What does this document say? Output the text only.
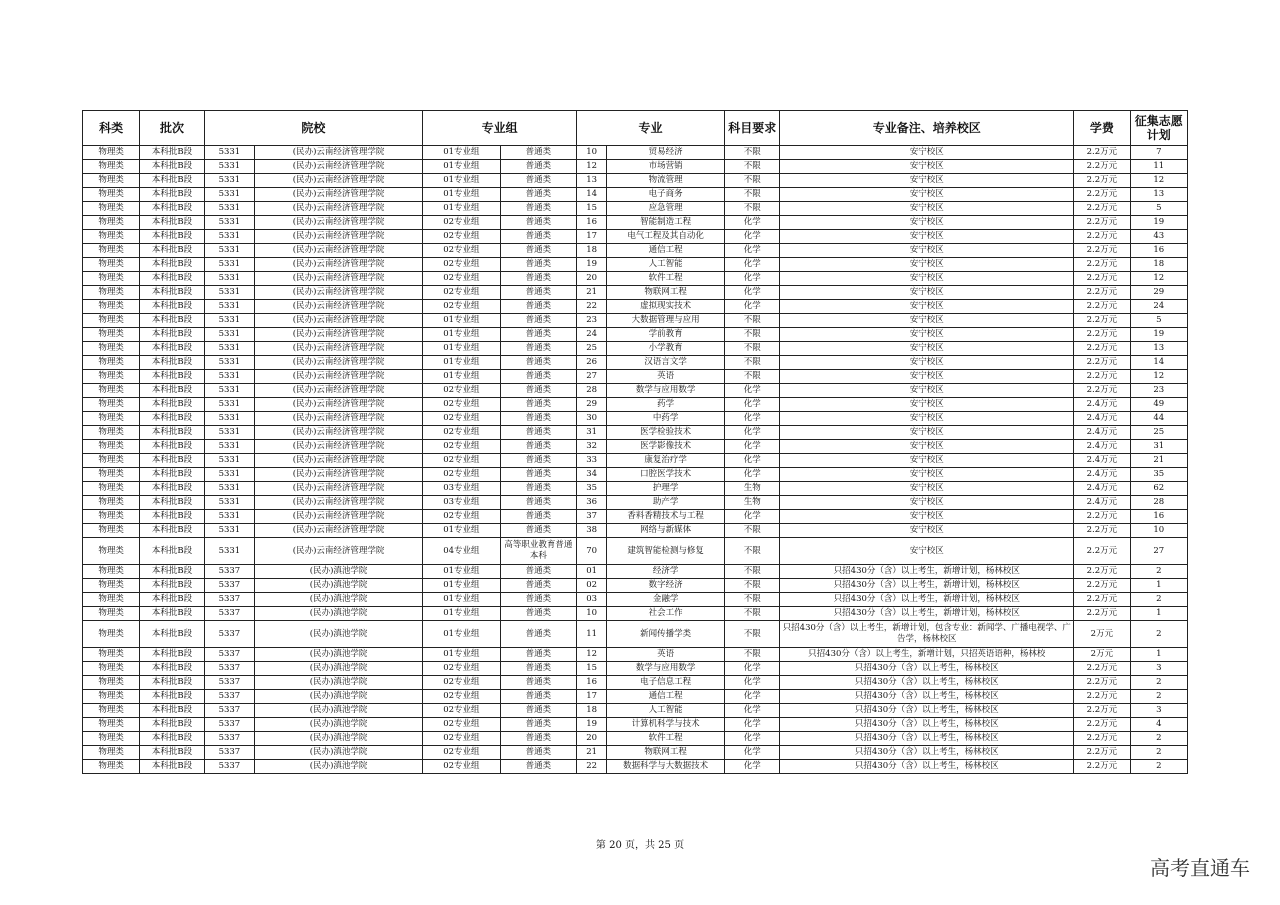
科类	批次	院校		专业组		专业		科目要求	专业备注、培养校区	学费	征集志愿计划
物理类	本科批B段	5331	(民办)云南经济管理学院	01专业组	普通类	10	贸易经济	不限	安宁校区	2.2万元	7
物理类	本科批B段	5331	(民办)云南经济管理学院	01专业组	普通类	12	市场营销	不限	安宁校区	2.2万元	11
物理类	本科批B段	5331	(民办)云南经济管理学院	01专业组	普通类	13	物流管理	不限	安宁校区	2.2万元	12
物理类	本科批B段	5331	(民办)云南经济管理学院	01专业组	普通类	14	电子商务	不限	安宁校区	2.2万元	13
物理类	本科批B段	5331	(民办)云南经济管理学院	01专业组	普通类	15	应急管理	不限	安宁校区	2.2万元	5
物理类	本科批B段	5331	(民办)云南经济管理学院	02专业组	普通类	16	智能制造工程	化学	安宁校区	2.2万元	19
物理类	本科批B段	5331	(民办)云南经济管理学院	02专业组	普通类	17	电气工程及其自动化	化学	安宁校区	2.2万元	43
物理类	本科批B段	5331	(民办)云南经济管理学院	02专业组	普通类	18	通信工程	化学	安宁校区	2.2万元	16
物理类	本科批B段	5331	(民办)云南经济管理学院	02专业组	普通类	19	人工智能	化学	安宁校区	2.2万元	18
物理类	本科批B段	5331	(民办)云南经济管理学院	02专业组	普通类	20	软件工程	化学	安宁校区	2.2万元	12
物理类	本科批B段	5331	(民办)云南经济管理学院	02专业组	普通类	21	物联网工程	化学	安宁校区	2.2万元	29
物理类	本科批B段	5331	(民办)云南经济管理学院	02专业组	普通类	22	虚拟现实技术	化学	安宁校区	2.2万元	24
物理类	本科批B段	5331	(民办)云南经济管理学院	01专业组	普通类	23	大数据管理与应用	不限	安宁校区	2.2万元	5
物理类	本科批B段	5331	(民办)云南经济管理学院	01专业组	普通类	24	学前教育	不限	安宁校区	2.2万元	19
物理类	本科批B段	5331	(民办)云南经济管理学院	01专业组	普通类	25	小学教育	不限	安宁校区	2.2万元	13
物理类	本科批B段	5331	(民办)云南经济管理学院	01专业组	普通类	26	汉语言文学	不限	安宁校区	2.2万元	14
物理类	本科批B段	5331	(民办)云南经济管理学院	01专业组	普通类	27	英语	不限	安宁校区	2.2万元	12
物理类	本科批B段	5331	(民办)云南经济管理学院	02专业组	普通类	28	数学与应用数学	化学	安宁校区	2.2万元	23
物理类	本科批B段	5331	(民办)云南经济管理学院	02专业组	普通类	29	药学	化学	安宁校区	2.4万元	49
物理类	本科批B段	5331	(民办)云南经济管理学院	02专业组	普通类	30	中药学	化学	安宁校区	2.4万元	44
物理类	本科批B段	5331	(民办)云南经济管理学院	02专业组	普通类	31	医学检验技术	化学	安宁校区	2.4万元	25
物理类	本科批B段	5331	(民办)云南经济管理学院	02专业组	普通类	32	医学影像技术	化学	安宁校区	2.4万元	31
物理类	本科批B段	5331	(民办)云南经济管理学院	02专业组	普通类	33	康复治疗学	化学	安宁校区	2.4万元	21
物理类	本科批B段	5331	(民办)云南经济管理学院	02专业组	普通类	34	口腔医学技术	化学	安宁校区	2.4万元	35
物理类	本科批B段	5331	(民办)云南经济管理学院	03专业组	普通类	35	护理学	生物	安宁校区	2.4万元	62
物理类	本科批B段	5331	(民办)云南经济管理学院	03专业组	普通类	36	助产学	生物	安宁校区	2.4万元	28
物理类	本科批B段	5331	(民办)云南经济管理学院	02专业组	普通类	37	香料香精技术与工程	化学	安宁校区	2.2万元	16
物理类	本科批B段	5331	(民办)云南经济管理学院	01专业组	普通类	38	网络与新媒体	不限	安宁校区	2.2万元	10
物理类	本科批B段	5331	(民办)云南经济管理学院	04专业组	高等职业教育普通本科	70	建筑智能检测与修复	不限	安宁校区	2.2万元	27
物理类	本科批B段	5337	(民办)滇池学院	01专业组	普通类	01	经济学	不限	只招430分（含）以上考生，新增计划，杨林校区	2.2万元	2
物理类	本科批B段	5337	(民办)滇池学院	01专业组	普通类	02	数字经济	不限	只招430分（含）以上考生，新增计划，杨林校区	2.2万元	1
物理类	本科批B段	5337	(民办)滇池学院	01专业组	普通类	03	金融学	不限	只招430分（含）以上考生，新增计划，杨林校区	2.2万元	2
物理类	本科批B段	5337	(民办)滇池学院	01专业组	普通类	10	社会工作	不限	只招430分（含）以上考生，新增计划，杨林校区	2.2万元	1
物理类	本科批B段	5337	(民办)滇池学院	01专业组	普通类	11	新闻传播学类	不限	只招430分（含）以上考生，新增计划，包含专业：新闻学、广播电视学、广告学，杨林校区	2万元	2
物理类	本科批B段	5337	(民办)滇池学院	01专业组	普通类	12	英语	不限	只招430分（含）以上考生，新增计划，只招英语语种，杨林校	2万元	1
物理类	本科批B段	5337	(民办)滇池学院	02专业组	普通类	15	数学与应用数学	化学	只招430分（含）以上考生，杨林校区	2.2万元	3
物理类	本科批B段	5337	(民办)滇池学院	02专业组	普通类	16	电子信息工程	化学	只招430分（含）以上考生，杨林校区	2.2万元	2
物理类	本科批B段	5337	(民办)滇池学院	02专业组	普通类	17	通信工程	化学	只招430分（含）以上考生，杨林校区	2.2万元	2
物理类	本科批B段	5337	(民办)滇池学院	02专业组	普通类	18	人工智能	化学	只招430分（含）以上考生，杨林校区	2.2万元	3
物理类	本科批B段	5337	(民办)滇池学院	02专业组	普通类	19	计算机科学与技术	化学	只招430分（含）以上考生，杨林校区	2.2万元	4
物理类	本科批B段	5337	(民办)滇池学院	02专业组	普通类	20	软件工程	化学	只招430分（含）以上考生，杨林校区	2.2万元	2
物理类	本科批B段	5337	(民办)滇池学院	02专业组	普通类	21	物联网工程	化学	只招430分（含）以上考生，杨林校区	2.2万元	2
物理类	本科批B段	5337	(民办)滇池学院	02专业组	普通类	22	数据科学与大数据技术	化学	只招430分（含）以上考生，杨林校区	2.2万元	2
第 20 页，共 25 页
高考直通车
